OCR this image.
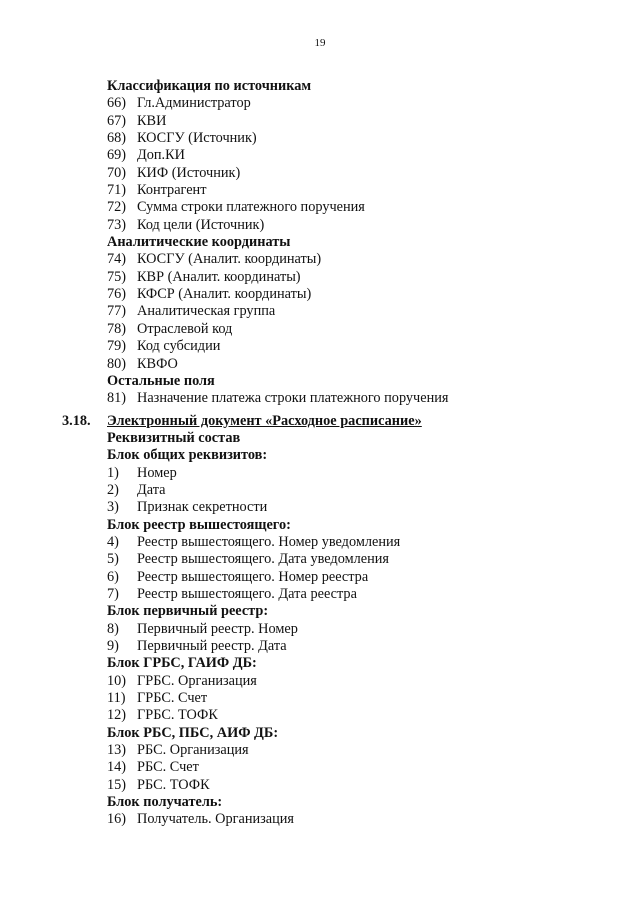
19
Классификация по источникам
66) Гл.Администратор
67) КВИ
68) КОСГУ (Источник)
69) Доп.КИ
70) КИФ (Источник)
71) Контрагент
72) Сумма строки платежного поручения
73) Код цели (Источник)
Аналитические координаты
74) КОСГУ (Аналит. координаты)
75) КВР (Аналит. координаты)
76) КФСР (Аналит. координаты)
77) Аналитическая группа
78) Отраслевой код
79) Код субсидии
80) КВФО
Остальные поля
81) Назначение платежа строки платежного поручения
3.18. Электронный документ «Расходное расписание»
Реквизитный состав
Блок общих реквизитов:
1) Номер
2) Дата
3) Признак секретности
Блок реестр вышестоящего:
4) Реестр вышестоящего. Номер уведомления
5) Реестр вышестоящего. Дата уведомления
6) Реестр вышестоящего. Номер реестра
7) Реестр вышестоящего. Дата реестра
Блок первичный реестр:
8) Первичный реестр. Номер
9) Первичный реестр. Дата
Блок ГРБС, ГАИФ ДБ:
10) ГРБС. Организация
11) ГРБС. Счет
12) ГРБС. ТОФК
Блок РБС, ПБС, АИФ ДБ:
13) РБС. Организация
14) РБС. Счет
15) РБС. ТОФК
Блок получатель:
16) Получатель. Организация
